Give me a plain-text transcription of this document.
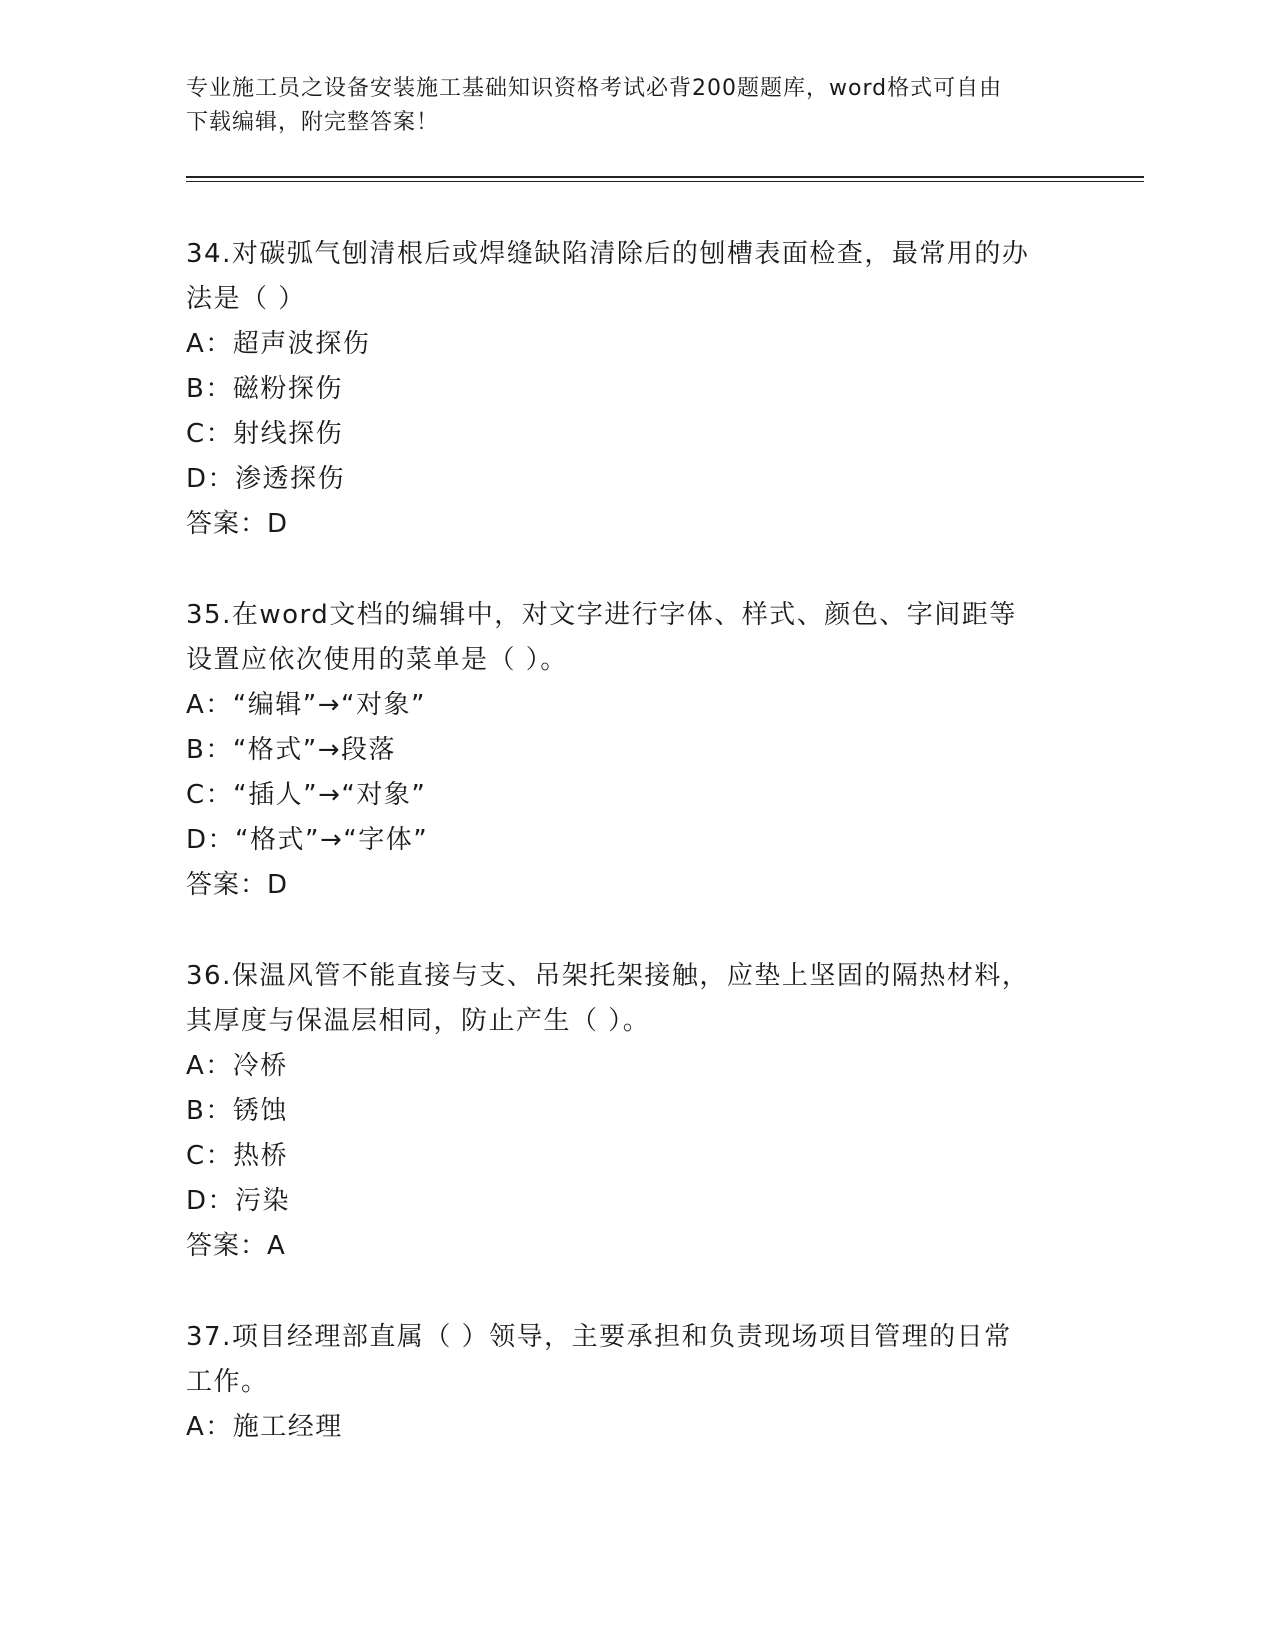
专业施工员之设备安装施工基础知识资格考试必背200题题库，word格式可自由
下载编辑，附完整答案！
34.对碳弧气刨清根后或焊缝缺陷清除后的刨槽表面检查，最常用的办
法是（ ）
A：超声波探伤
B：磁粉探伤
C：射线探伤
D：渗透探伤
答案：D
35.在word文档的编辑中，对文字进行字体、样式、颜色、字间距等
设置应依次使用的菜单是（ ）。
A：“编辑”→“对象”
B：“格式”→段落
C：“插人”→“对象”
D：“格式”→“字体”
答案：D
36.保温风管不能直接与支、吊架托架接触，应垫上坚固的隔热材料，
其厚度与保温层相同，防止产生（ ）。
A：冷桥
B：锈蚀
C：热桥
D：污染
答案：A
37.项目经理部直属（ ）领导，主要承担和负责现场项目管理的日常
工作。
A：施工经理
